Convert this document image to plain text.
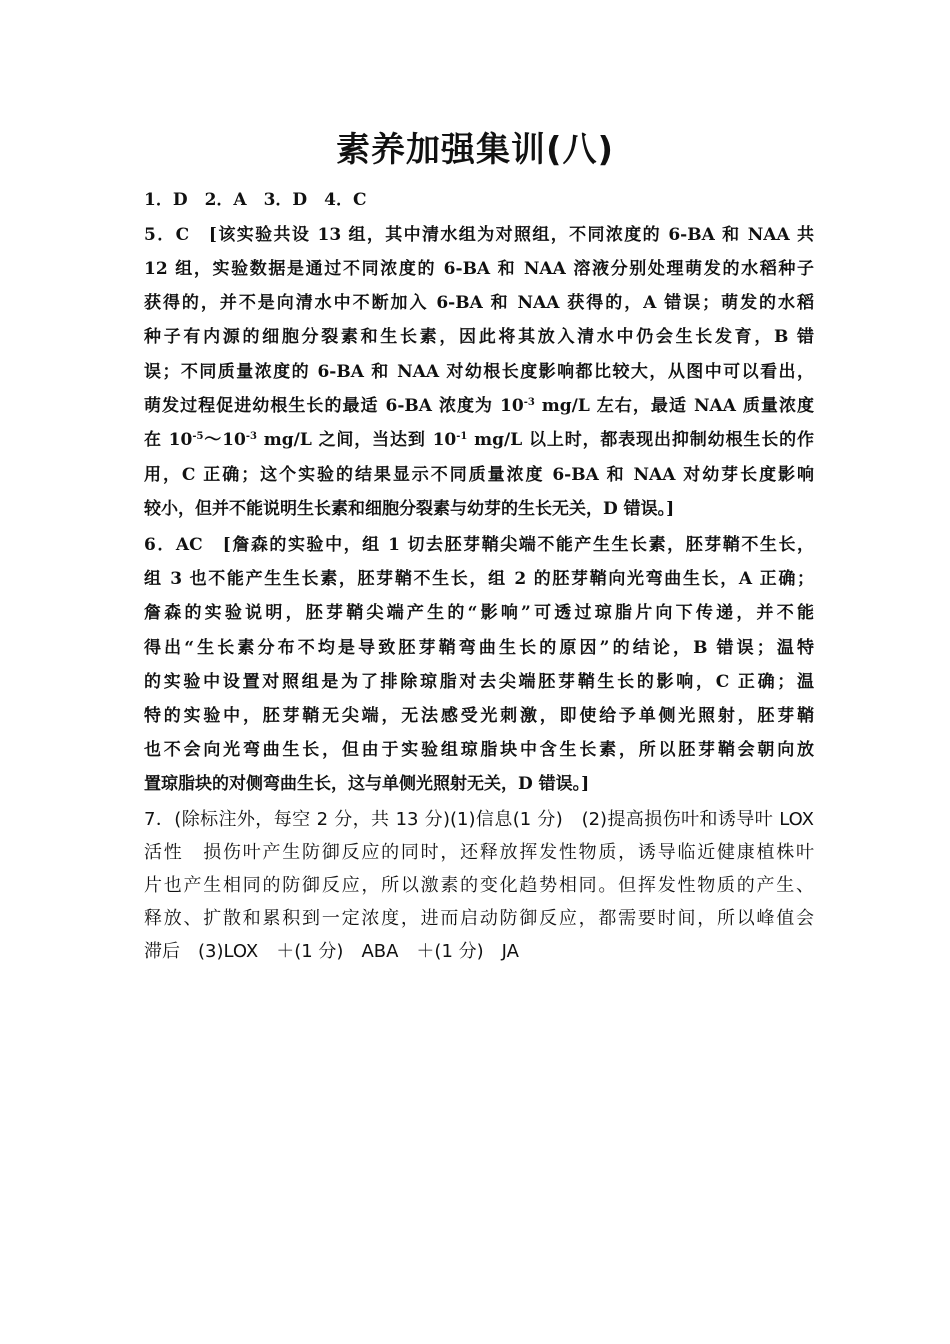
素养加强集训(八)
1．D　2．A　3．D　4．C
5．C　[该实验共设 13 组，其中清水组为对照组，不同浓度的 6-BA 和 NAA 共
12 组，实验数据是通过不同浓度的 6-BA 和 NAA 溶液分别处理萌发的水稻种子
获得的，并不是向清水中不断加入 6-BA 和 NAA 获得的，A 错误；萌发的水稻
种子有内源的细胞分裂素和生长素，因此将其放入清水中仍会生长发育，B 错
误；不同质量浓度的 6-BA 和 NAA 对幼根长度影响都比较大，从图中可以看出，
萌发过程促进幼根生长的最适 6-BA 浓度为 $10^{-3}$ mg/L 左右，最适 NAA 质量浓度
在 $10^{-5}\sim 10^{-3}$ mg/L 之间，当达到 $10^{-1}$ mg/L 以上时，都表现出抑制幼根生长的作
用，C 正确；这个实验的结果显示不同质量浓度 6-BA 和 NAA 对幼芽长度影响
较小，但并不能说明生长素和细胞分裂素与幼芽的生长无关，D 错误。]
6．AC　[詹森的实验中，组 1 切去胚芽鞘尖端不能产生生长素，胚芽鞘不生长，
组 3 也不能产生生长素，胚芽鞘不生长，组 2 的胚芽鞘向光弯曲生长，A 正确；
詹森的实验说明，胚芽鞘尖端产生的“影响”可透过琼脂片向下传递，并不能
得出“生长素分布不均是导致胚芽鞘弯曲生长的原因”的结论，B 错误；温特
的实验中设置对照组是为了排除琼脂对去尖端胚芽鞘生长的影响，C 正确；温
特的实验中，胚芽鞘无尖端，无法感受光刺激，即使给予单侧光照射，胚芽鞘
也不会向光弯曲生长，但由于实验组琼脂块中含生长素，所以胚芽鞘会朝向放
置琼脂块的对侧弯曲生长，这与单侧光照射无关，D 错误。]
7．(除标注外，每空 2 分，共 13 分)(1)信息(1 分)　(2)提高损伤叶和诱导叶 LOX
活性　损伤叶产生防御反应的同时，还释放挥发性物质，诱导临近健康植株叶
片也产生相同的防御反应，所以激素的变化趋势相同。但挥发性物质的产生、
释放、扩散和累积到一定浓度，进而启动防御反应，都需要时间，所以峰值会
滞后　(3)LOX　＋(1 分)　ABA　＋(1 分)　JA
